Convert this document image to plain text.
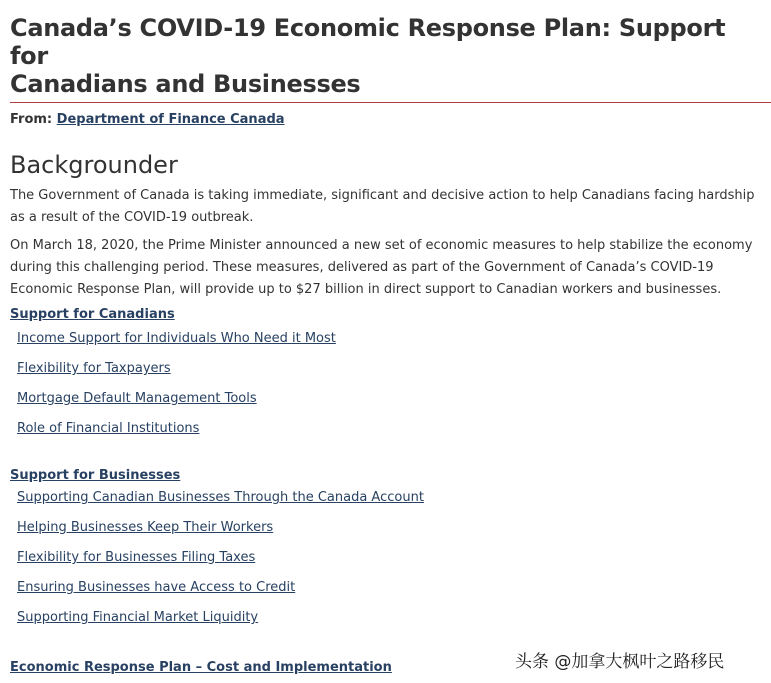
Canada’s COVID-19 Economic Response Plan: Support for
Canadians and Businesses
From: Department of Finance Canada
Backgrounder

The Government of Canada is taking immediate, significant and decisive action to help Canadians facing hardship as a result of the COVID-19 outbreak.

On March 18, 2020, the Prime Minister announced a new set of economic measures to help stabilize the economy during this challenging period. These measures, delivered as part of the Government of Canada’s COVID-19 Economic Response Plan, will provide up to $27 billion in direct support to Canadian workers and businesses.

Support for Canadians
Income Support for Individuals Who Need it Most
Flexibility for Taxpayers
Mortgage Default Management Tools
Role of Financial Institutions
Support for Businesses
Supporting Canadian Businesses Through the Canada Account
Helping Businesses Keep Their Workers
Flexibility for Businesses Filing Taxes
Ensuring Businesses have Access to Credit
Supporting Financial Market Liquidity
Economic Response Plan – Cost and Implementation	头条 @加拿大枫叶之路移民
